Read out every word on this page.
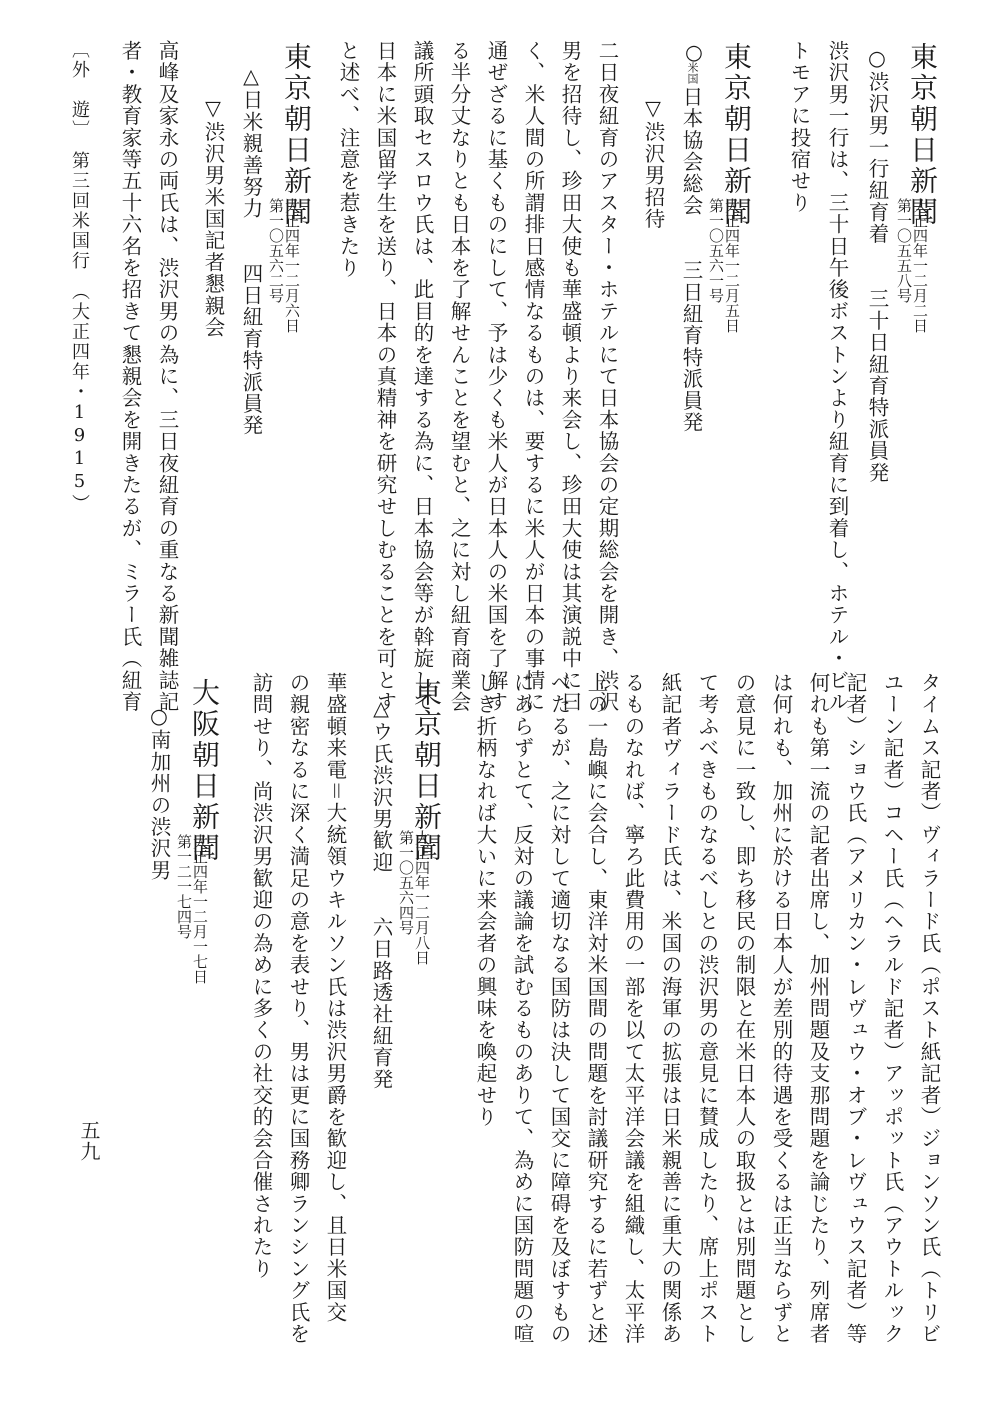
東京朝日新聞
第一〇五五八号
大正四年一二月二日
○渋沢男一行紐育着　　三十日紐育特派員発
渋沢男一行は、三十日午後ボストンより紐育に到着し、ホテル・ビル
トモアに投宿せり
東京朝日新聞
第一〇五六一号
大正四年一二月五日
○
米国
日本協会総会　　三日紐育特派員発
▽渋沢男招待
二日夜紐育のアスター・ホテルにて日本協会の定期総会を開き、渋沢
男を招待し、珍田大使も華盛頓より来会し、珍田大使は其演説中に曰
く、米人間の所謂排日感情なるものは、要するに米人が日本の事情に
通ぜざるに基くものにして、予は少くも米人が日本人の米国を了解す
る半分丈なりとも日本を了解せんことを望むと、之に対し紐育商業会
議所頭取セスロウ氏は、此目的を達する為に、日本協会等が斡旋して
日本に米国留学生を送り、日本の真精神を研究せしむることを可とす
と述べ、注意を惹きたり
東京朝日新聞
第一〇五六二号
大正四年一二月六日
△日米親善努力　　四日紐育特派員発
▽渋沢男米国記者懇親会
高峰及家永の両氏は、渋沢男の為に、三日夜紐育の重なる新聞雑誌記
者・教育家等五十六名を招きて懇親会を開きたるが、ミラー氏（紐育
〔外　遊〕　第三回米国行　（大正四年・1915）
タイムス記者）ヴィラード氏（ポスト紙記者）ジョンソン氏（トリビ
ユーン記者）コヘー氏（ヘラルド記者）アッポット氏（アウトルック
記者）ショウ氏（アメリカン・レヴュウ・オブ・レヴュウス記者）等
何れも第一流の記者出席し、加州問題及支那問題を論じたり、列席者
は何れも、加州に於ける日本人が差別的待遇を受くるは正当ならずと
の意見に一致し、即ち移民の制限と在米日本人の取扱とは別問題とし
て考ふべきものなるべしとの渋沢男の意見に賛成したり、席上ポスト
紙記者ヴィラード氏は、米国の海軍の拡張は日米親善に重大の関係あ
るものなれば、寧ろ此費用の一部を以て太平洋会議を組織し、太平洋
上の一島嶼に会合し、東洋対米国間の問題を討議研究するに若ずと述
べたるが、之に対して適切なる国防は決して国交に障碍を及ぼすもの
にあらずとて、反対の議論を試むるものありて、為めに国防問題の喧
しき折柄なれば大いに来会者の興味を喚起せり
東京朝日新聞
第一〇五六四号
大正四年一二月八日
△ウ氏渋沢男歓迎　　六日路透社紐育発
華盛頓来電＝大統領ウキルソン氏は渋沢男爵を歓迎し、且日米国交
の親密なるに深く満足の意を表せり、男は更に国務卿ランシング氏を
訪問せり、尚渋沢男歓迎の為めに多くの社交的会合催されたり
大阪朝日新聞
第一二一七四号
大正四年一二月一七日
○南加州の渋沢男
五九
